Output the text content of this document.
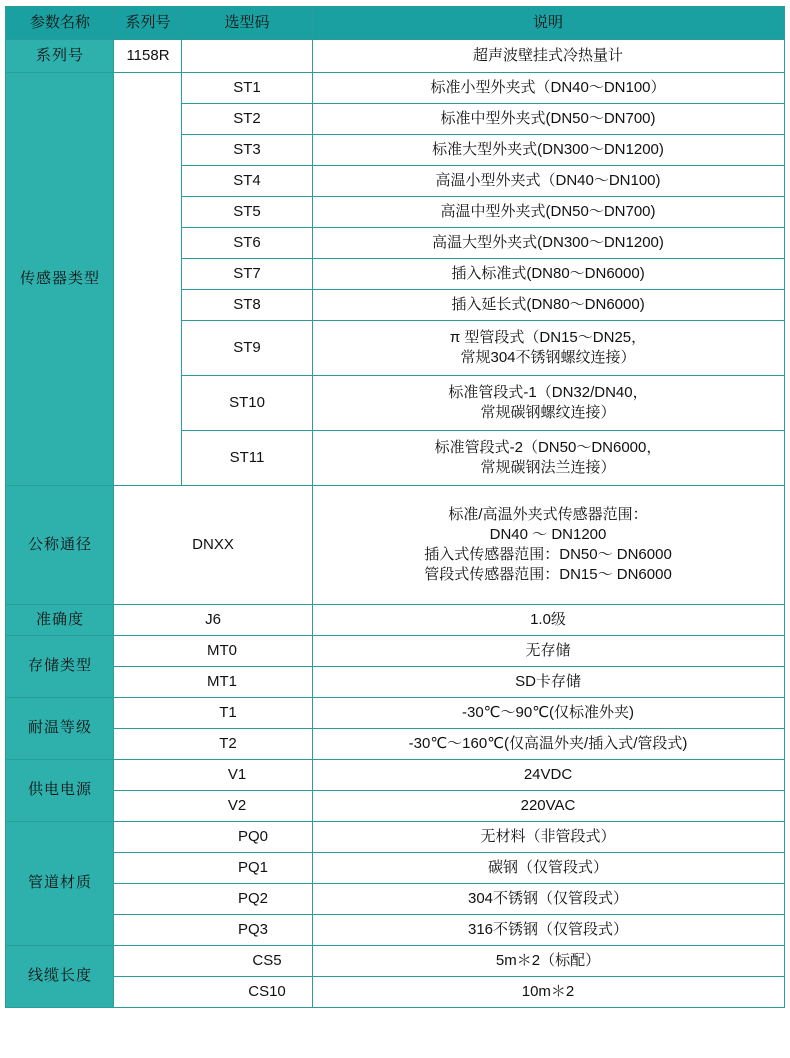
参数名称	系列号	选型码	说明
系列号	1158R		超声波壁挂式冷热量计
传感器类型		ST1	标准小型外夹式（DN40～DN100）
		ST2	标准中型外夹式(DN50～DN700)
		ST3	标准大型外夹式(DN300～DN1200)
		ST4	高温小型外夹式（DN40～DN100)
		ST5	高温中型外夹式(DN50～DN700)
		ST6	高温大型外夹式(DN300～DN1200)
		ST7	插入标准式(DN80～DN6000)
		ST8	插入延长式(DN80～DN6000)
		ST9	π 型管段式（DN15～DN25，
常规304不锈钢螺纹连接）

		ST10	标准管段式-1（DN32/DN40，
常规碳钢螺纹连接）

		ST11	标准管段式-2（DN50～DN6000，
常规碳钢法兰连接）

公称通径	DNXX		标准/高温外夹式传感器范围：
DN40 ～ DN1200
插入式传感器范围：DN50～ DN6000
管段式传感器范围：DN15～ DN6000

准确度	J6		1.0级
存储类型	MT0		无存储
	MT1		SD卡存储
耐温等级	T1		-30℃～90℃(仅标准外夹)
	T2		-30℃～160℃(仅高温外夹/插入式/管段式)
供电电源	V1		24VDC
	V2		220VAC
管道材质	PQ0		无材料（非管段式）
	PQ1		碳钢（仅管段式）
	PQ2		304不锈钢（仅管段式）
	PQ3		316不锈钢（仅管段式）
线缆长度	CS5		5m＊2（标配）
	CS10		10m＊2
